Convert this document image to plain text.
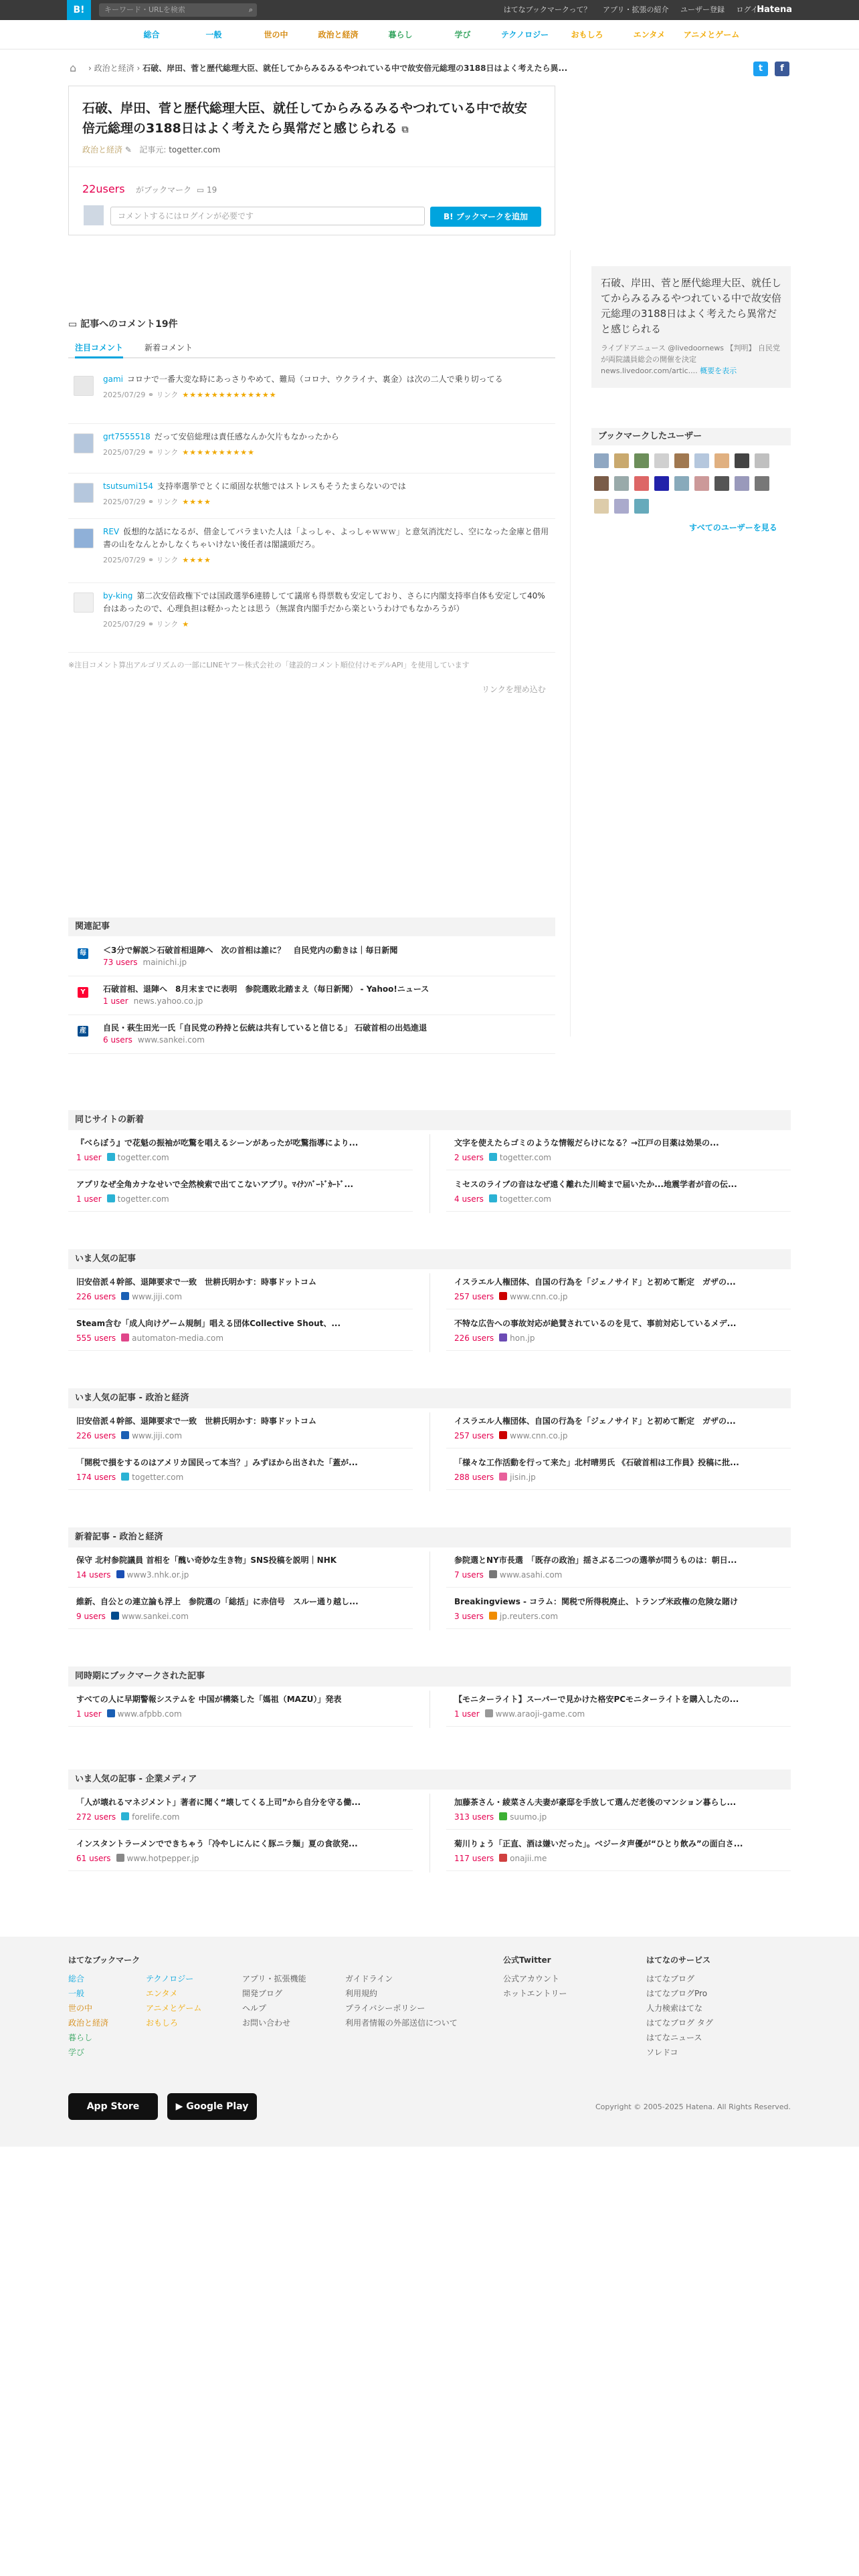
B!	キーワード・URLを検索	⌕	はてなブックマークって？ アプリ・拡張の紹介 ユーザー登録 ログイン
Hatena
総合	一般	世の中	政治と経済	暮らし	学び	テクノロジー	おもしろ	エンタメ	アニメとゲーム
⌂ › 政治と経済 › 石破、岸田、菅と歴代総理大臣、就任してからみるみるやつれている中で故安倍元総理の3188日はよく考えたら異...	t	f
石破、岸田、菅と歴代総理大臣、就任してからみるみるやつれている中で故安倍元総理の3188日はよく考えたら異常だと感じられる ⧉
政治と経済 ✎   記事元: togetter.com
22users がブックマーク ▭ 19
コメントするにはログインが必要です	B! ブックマークを追加
石破、岸田、菅と歴代総理大臣、就任してからみるみるやつれている中で故安倍元総理の3188日はよく考えたら異常だと感じられる
ライブドアニュース @livedoornews 【判明】 自民党が両院議員総会の開催を決定 news.livedoor.com/artic.... 概要を表示
ブックマークしたユーザー
すべてのユーザーを見る
▭ 記事へのコメント19件
注目コメント	新着コメント
gami コロナで一番大変な時にあっさりやめて、難局（コロナ、ウクライナ、裏金）は次の二人で乗り切ってる
2025/07/29 ⚭ リンク ★★★★★★★★★★★★★
grt7555518 だって安倍総理は責任感なんか欠片もなかったから
2025/07/29 ⚭ リンク ★★★★★★★★★★
tsutsumi154 支持率選挙でとくに頑固な状態ではストレスもそうたまらないのでは
2025/07/29 ⚭ リンク ★★★★
REV 仮想的な話になるが、借金してバラまいた人は「よっしゃ、よっしゃｗｗｗ」と意気消沈だし、空になった金庫と借用書の山をなんとかしなくちゃいけない後任者は閣議頭だろ。
2025/07/29 ⚭ リンク ★★★★
by-king 第二次安倍政権下では国政選挙6連勝してて議席も得票数も安定しており、さらに内閣支持率自体も安定して40%台はあったので、心理負担は軽かったとは思う（無謀食内閣手だから楽というわけでもなかろうが）
2025/07/29 ⚭ リンク ★
※注目コメント算出アルゴリズムの一部にLINEヤフー株式会社の「建設的コメント順位付けモデルAPI」を使用しています
リンクを埋め込む
関連記事
毎 ＜3分で解説＞石破首相退陣へ　次の首相は誰に？　自民党内の動きは｜毎日新聞
73 users mainichi.jp
Y	石破首相、退陣へ　8月末までに表明　参院選敗北踏まえ（毎日新聞） - Yahoo!ニュース
1 user news.yahoo.co.jp
産 自民・萩生田光一氏「自民党の矜持と伝統は共有していると信じる」 石破首相の出処進退
6 users www.sankei.com
同じサイトの新着
『べらぼう』で花魁の振袖が吃驚を唱えるシーンがあったが吃驚指導により...
1 user togetter.com
文字を使えたらゴミのような情報だらけになる？→江戸の目薬は効果の...
2 users togetter.com
アプリなぜ全角カナなせいで全然検索で出てこないアプリ。ﾏｲﾅﾝﾊﾞｰﾄﾞｶｰﾄﾞ...
1 user togetter.com
ミセスのライブの音はなぜ遠く離れた川崎まで届いたか...地震学者が音の伝...
4 users togetter.com
いま人気の記事
旧安倍派４幹部、退陣要求で一致　世耕氏明かす：時事ドットコム
226 users www.jiji.com
イスラエル人権団体、自国の行為を「ジェノサイド」と初めて断定　ガザの...
257 users www.cnn.co.jp
Steam含む「成人向けゲーム規制」唱える団体Collective Shout、...
555 users automaton-media.com
不特な広告への事故対応が絶賛されているのを見て、事前対応しているメデ...
226 users hon.jp
いま人気の記事 - 政治と経済
旧安倍派４幹部、退陣要求で一致　世耕氏明かす：時事ドットコム
226 users www.jiji.com
イスラエル人権団体、自国の行為を「ジェノサイド」と初めて断定　ガザの...
257 users www.cnn.co.jp
「開税で損をするのはアメリカ国民って本当？」みずほから出された「蓋が...
174 users togetter.com
「様々な工作活動を行って来た」北村晴男氏 《石破首相は工作員》投稿に批...
288 users jisin.jp
新着記事 - 政治と経済
保守 北村参院議員 首相を「醜い奇妙な生き物」SNS投稿を説明｜NHK
14 users www3.nhk.or.jp
参院選とNY市長選　「既存の政治」揺さぶる二つの選挙が問うものは：朝日...
7 users www.asahi.com
維新、自公との連立論も浮上　参院選の「総括」に赤信号　スルー通り越し...
9 users www.sankei.com
Breakingviews - コラム：関税で所得税廃止、トランプ米政権の危険な賭け
3 users jp.reuters.com
同時期にブックマークされた記事
すべての人に早期警報システムを 中国が構築した「媽祖（MAZU）」発表
1 user www.afpbb.com
【モニターライト】スーパーで見かけた格安PCモニターライトを購入したの...
1 user www.araoji-game.com
いま人気の記事 - 企業メディア
「人が壊れるマネジメント」著者に聞く“壊してくる上司”から自分を守る働...
272 users forelife.com
加藤茶さん・綾菜さん夫妻が豪邸を手放して選んだ老後のマンション暮らし...
313 users suumo.jp
インスタントラーメンでできちゃう「冷やしにんにく豚ニラ麺」夏の食欲発...
61 users www.hotpepper.jp
菊川りょう「正直、酒は嫌いだった」。ベジータ声優が“ひとり飲み”の面白さ...
117 users onajii.me
はてなブックマーク
総合
一般
世の中
政治と経済
暮らし
学び
テクノロジー
エンタメ
アニメとゲーム
おもしろ
アプリ・拡張機能
開発ブログ
ヘルプ
お問い合わせ
ガイドライン
利用規約
プライバシーポリシー
利用者情報の外部送信について
公式Twitter
公式アカウント
ホットエントリー
はてなのサービス
はてなブログ
はてなブログPro
人力検索はてな
はてなブログ タグ
はてなニュース
ソレドコ
App Store	▶ Google Play	Copyright © 2005-2025 Hatena. All Rights Reserved.
